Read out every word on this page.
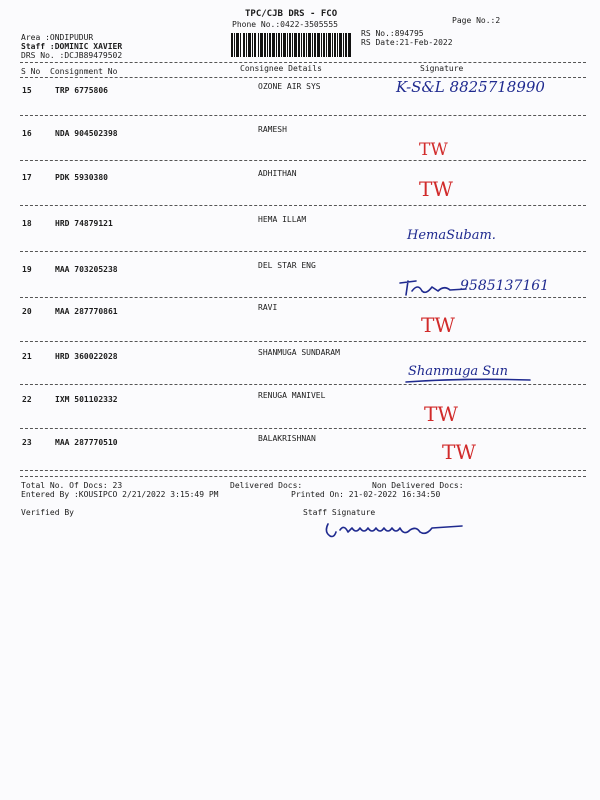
TPC/CJB DRS - FCO
Phone No.:0422-3505555	Page No.:2
Area :ONDIPUDUR
Staff :DOMINIC XAVIER
DRS No. :DCJB89479502
RS No.:894795
RS Date:21-Feb-2022
S No Consignment No	Consignee Details	Signature
15	TRP 6775806	OZONE AIR SYS	K-S&L 8825718990
16	NDA 904502398	RAMESH
TW
17	PDK 5930380	ADHITHAN
TW
18	HRD 74879121	HEMA ILLAM
HemaSubam.
19	MAA 703205238	DEL STAR ENG
9585137161
20	MAA 287770861	RAVI
TW
21	HRD 360022028	SHANMUGA SUNDARAM
Shanmuga Sun
22	IXM 501102332	RENUGA MANIVEL
TW
23	MAA 287770510	BALAKRISHNAN
TW
Total No. Of Docs: 23	Delivered Docs:	Non Delivered Docs:
Entered By :KOUSIPCO 2/21/2022 3:15:49 PM	Printed On: 21-02-2022 16:34:50
Verified By	Staff Signature
